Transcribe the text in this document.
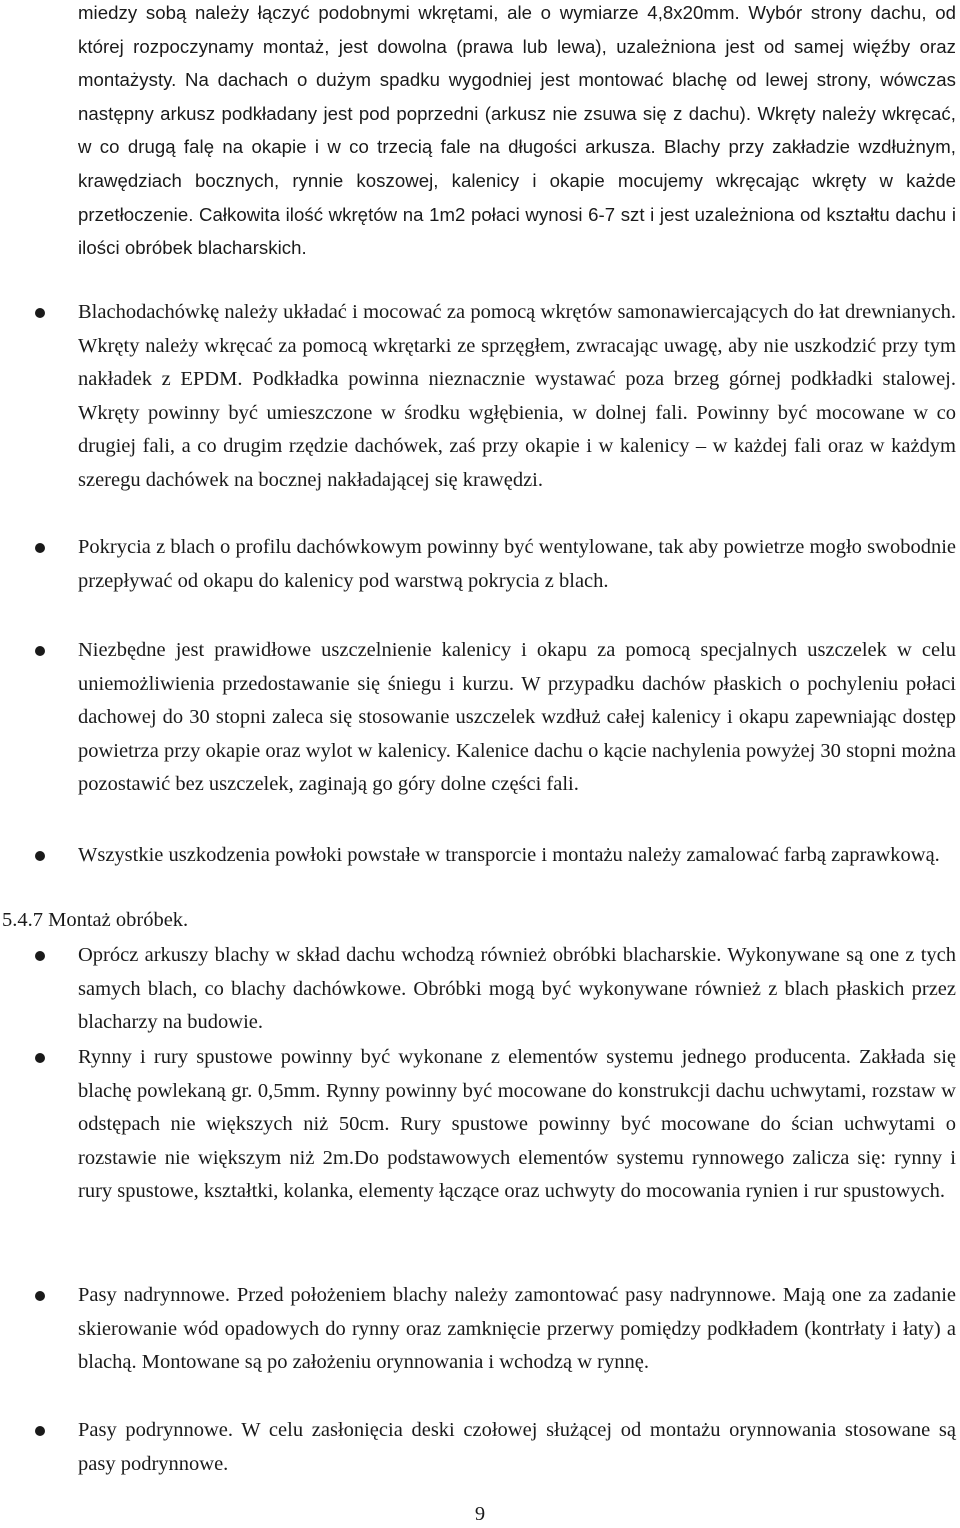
miedzy sobą należy łączyć podobnymi wkrętami, ale o wymiarze 4,8x20mm. Wybór strony dachu, od której rozpoczynamy montaż, jest dowolna (prawa lub lewa), uzależniona jest od samej więźby oraz montażysty. Na dachach o dużym spadku wygodniej jest montować blachę od lewej strony, wówczas następny arkusz podkładany jest pod poprzedni (arkusz nie zsuwa się z dachu). Wkręty należy wkręcać, w co drugą falę na okapie i w co trzecią fale na długości arkusza. Blachy przy zakładzie wzdłużnym, krawędziach bocznych, rynnie koszowej, kalenicy i okapie mocujemy wkręcając wkręty w każde przetłoczenie. Całkowita ilość wkrętów na 1m2 połaci wynosi 6-7 szt i jest uzależniona od kształtu dachu i ilości obróbek blacharskich.

Blachodachówkę należy układać i mocować za pomocą wkrętów samonawiercających do łat drewnianych. Wkręty należy wkręcać za pomocą wkrętarki ze sprzęgłem, zwracając uwagę, aby nie uszkodzić przy tym nakładek z EPDM. Podkładka powinna nieznacznie wystawać poza brzeg górnej podkładki stalowej. Wkręty powinny być umieszczone w środku wgłębienia, w dolnej fali. Powinny być mocowane w co drugiej fali, a co drugim rzędzie dachówek, zaś przy okapie i w kalenicy – w każdej fali oraz w każdym szeregu dachówek na bocznej nakładającej się krawędzi.

Pokrycia z blach o profilu dachówkowym powinny być wentylowane, tak aby powietrze mogło swobodnie przepływać od okapu do kalenicy pod warstwą pokrycia z blach.

Niezbędne jest prawidłowe uszczelnienie kalenicy i okapu za pomocą specjalnych uszczelek w celu uniemożliwienia przedostawanie się śniegu i kurzu. W przypadku dachów płaskich o pochyleniu połaci dachowej do 30 stopni zaleca się stosowanie uszczelek wzdłuż całej kalenicy i okapu zapewniając dostęp powietrza przy okapie oraz wylot w kalenicy. Kalenice dachu o kącie nachylenia powyżej 30 stopni można pozostawić bez uszczelek, zaginają go góry dolne części fali.

Wszystkie uszkodzenia powłoki powstałe w transporcie i montażu należy zamalować farbą zaprawkową.

5.4.7 Montaż obróbek.

Oprócz arkuszy blachy w skład dachu wchodzą również obróbki blacharskie. Wykonywane są one z tych samych blach, co blachy dachówkowe. Obróbki mogą być wykonywane również z blach płaskich przez blacharzy na budowie.

Rynny i rury spustowe powinny być wykonane z elementów systemu jednego producenta. Zakłada się blachę powlekaną gr. 0,5mm. Rynny powinny być mocowane do konstrukcji dachu uchwytami, rozstaw w odstępach nie większych niż 50cm. Rury spustowe powinny być mocowane do ścian uchwytami o rozstawie nie większym niż 2m.Do podstawowych elementów systemu rynnowego zalicza się: rynny i rury spustowe, kształtki, kolanka, elementy łączące oraz uchwyty do mocowania rynien i rur spustowych.

Pasy nadrynnowe. Przed położeniem blachy należy zamontować pasy nadrynnowe. Mają one za zadanie skierowanie wód opadowych do rynny oraz zamknięcie przerwy pomiędzy podkładem (kontrłaty i łaty) a blachą. Montowane są po założeniu orynnowania i wchodzą w rynnę.

Pasy podrynnowe. W celu zasłonięcia deski czołowej służącej od montażu orynnowania stosowane są pasy podrynnowe.

9
